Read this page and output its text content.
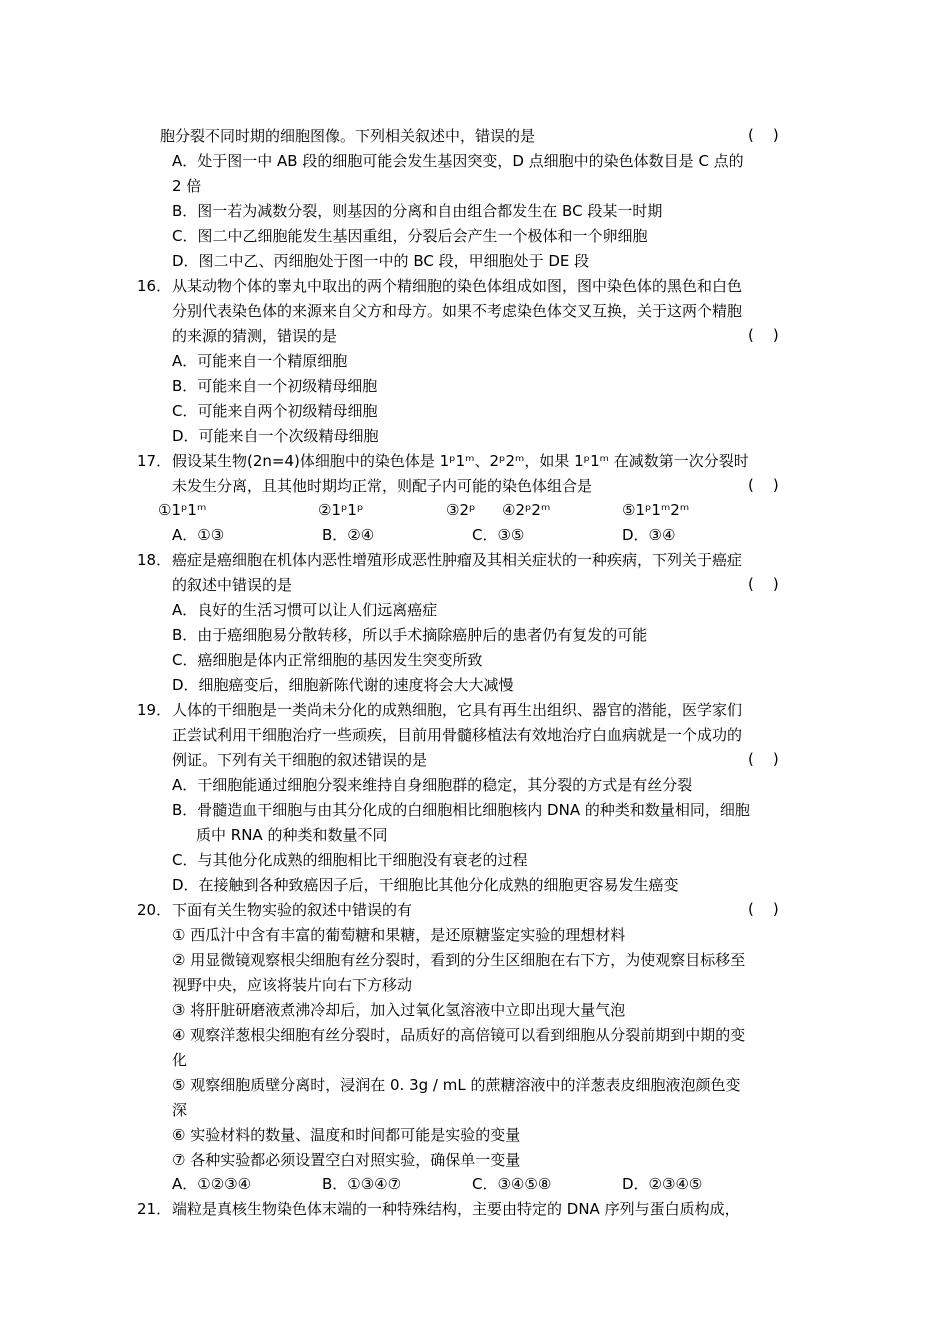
胞分裂不同时期的细胞图像。下列相关叙述中，错误的是	(    )
A．处于图一中 AB 段的细胞可能会发生基因突变，D 点细胞中的染色体数目是 C 点的
2 倍
B．图一若为减数分裂，则基因的分离和自由组合都发生在 BC 段某一时期
C．图二中乙细胞能发生基因重组，分裂后会产生一个极体和一个卵细胞
D．图二中乙、丙细胞处于图一中的 BC 段，甲细胞处于 DE 段
16． 从某动物个体的睾丸中取出的两个精细胞的染色体组成如图，图中染色体的黑色和白色
分别代表染色体的来源来自父方和母方。如果不考虑染色体交叉互换，关于这两个精胞
的来源的猜测，错误的是	(    )
A．可能来自一个精原细胞
B．可能来自一个初级精母细胞
C．可能来自两个初级精母细胞
D．可能来自一个次级精母细胞
17． 假设某生物(2n=4)体细胞中的染色体是 1ᵖ1ᵐ、2ᵖ2ᵐ，如果 1ᵖ1ᵐ 在减数第一次分裂时
未发生分离，且其他时期均正常，则配子内可能的染色体组合是	(    )
①1ᵖ1ᵐ	②1ᵖ1ᵖ	③2ᵖ ④2ᵖ2ᵐ	⑤1ᵖ1ᵐ2ᵐ
A．①③	B．②④	C．③⑤	D．③④
18． 癌症是癌细胞在机体内恶性增殖形成恶性肿瘤及其相关症状的一种疾病，下列关于癌症
的叙述中错误的是	(    )
A．良好的生活习惯可以让人们远离癌症
B．由于癌细胞易分散转移，所以手术摘除癌肿后的患者仍有复发的可能
C．癌细胞是体内正常细胞的基因发生突变所致
D．细胞癌变后，细胞新陈代谢的速度将会大大减慢
19． 人体的干细胞是一类尚未分化的成熟细胞，它具有再生出组织、器官的潜能，医学家们
正尝试利用干细胞治疗一些顽疾，目前用骨髓移植法有效地治疗白血病就是一个成功的
例证。下列有关干细胞的叙述错误的是	(    )
A．干细胞能通过细胞分裂来维持自身细胞群的稳定，其分裂的方式是有丝分裂
B．骨髓造血干细胞与由其分化成的白细胞相比细胞核内 DNA 的种类和数量相同，细胞
质中 RNA 的种类和数量不同
C．与其他分化成熟的细胞相比干细胞没有衰老的过程
D．在接触到各种致癌因子后，干细胞比其他分化成熟的细胞更容易发生癌变
20． 下面有关生物实验的叙述中错误的有	(    )
① 西瓜汁中含有丰富的葡萄糖和果糖，是还原糖鉴定实验的理想材料
② 用显微镜观察根尖细胞有丝分裂时，看到的分生区细胞在右下方，为使观察目标移至
视野中央，应该将装片向右下方移动
③ 将肝脏研磨液煮沸冷却后，加入过氧化氢溶液中立即出现大量气泡
④ 观察洋葱根尖细胞有丝分裂时，品质好的高倍镜可以看到细胞从分裂前期到中期的变
化
⑤ 观察细胞质壁分离时，浸润在 0. 3g / mL 的蔗糖溶液中的洋葱表皮细胞液泡颜色变
深
⑥ 实验材料的数量、温度和时间都可能是实验的变量
⑦ 各种实验都必须设置空白对照实验，确保单一变量
A．①②③④	B．①③④⑦	C．③④⑤⑧	D．②③④⑤
21． 端粒是真核生物染色体末端的一种特殊结构，主要由特定的 DNA 序列与蛋白质构成，
